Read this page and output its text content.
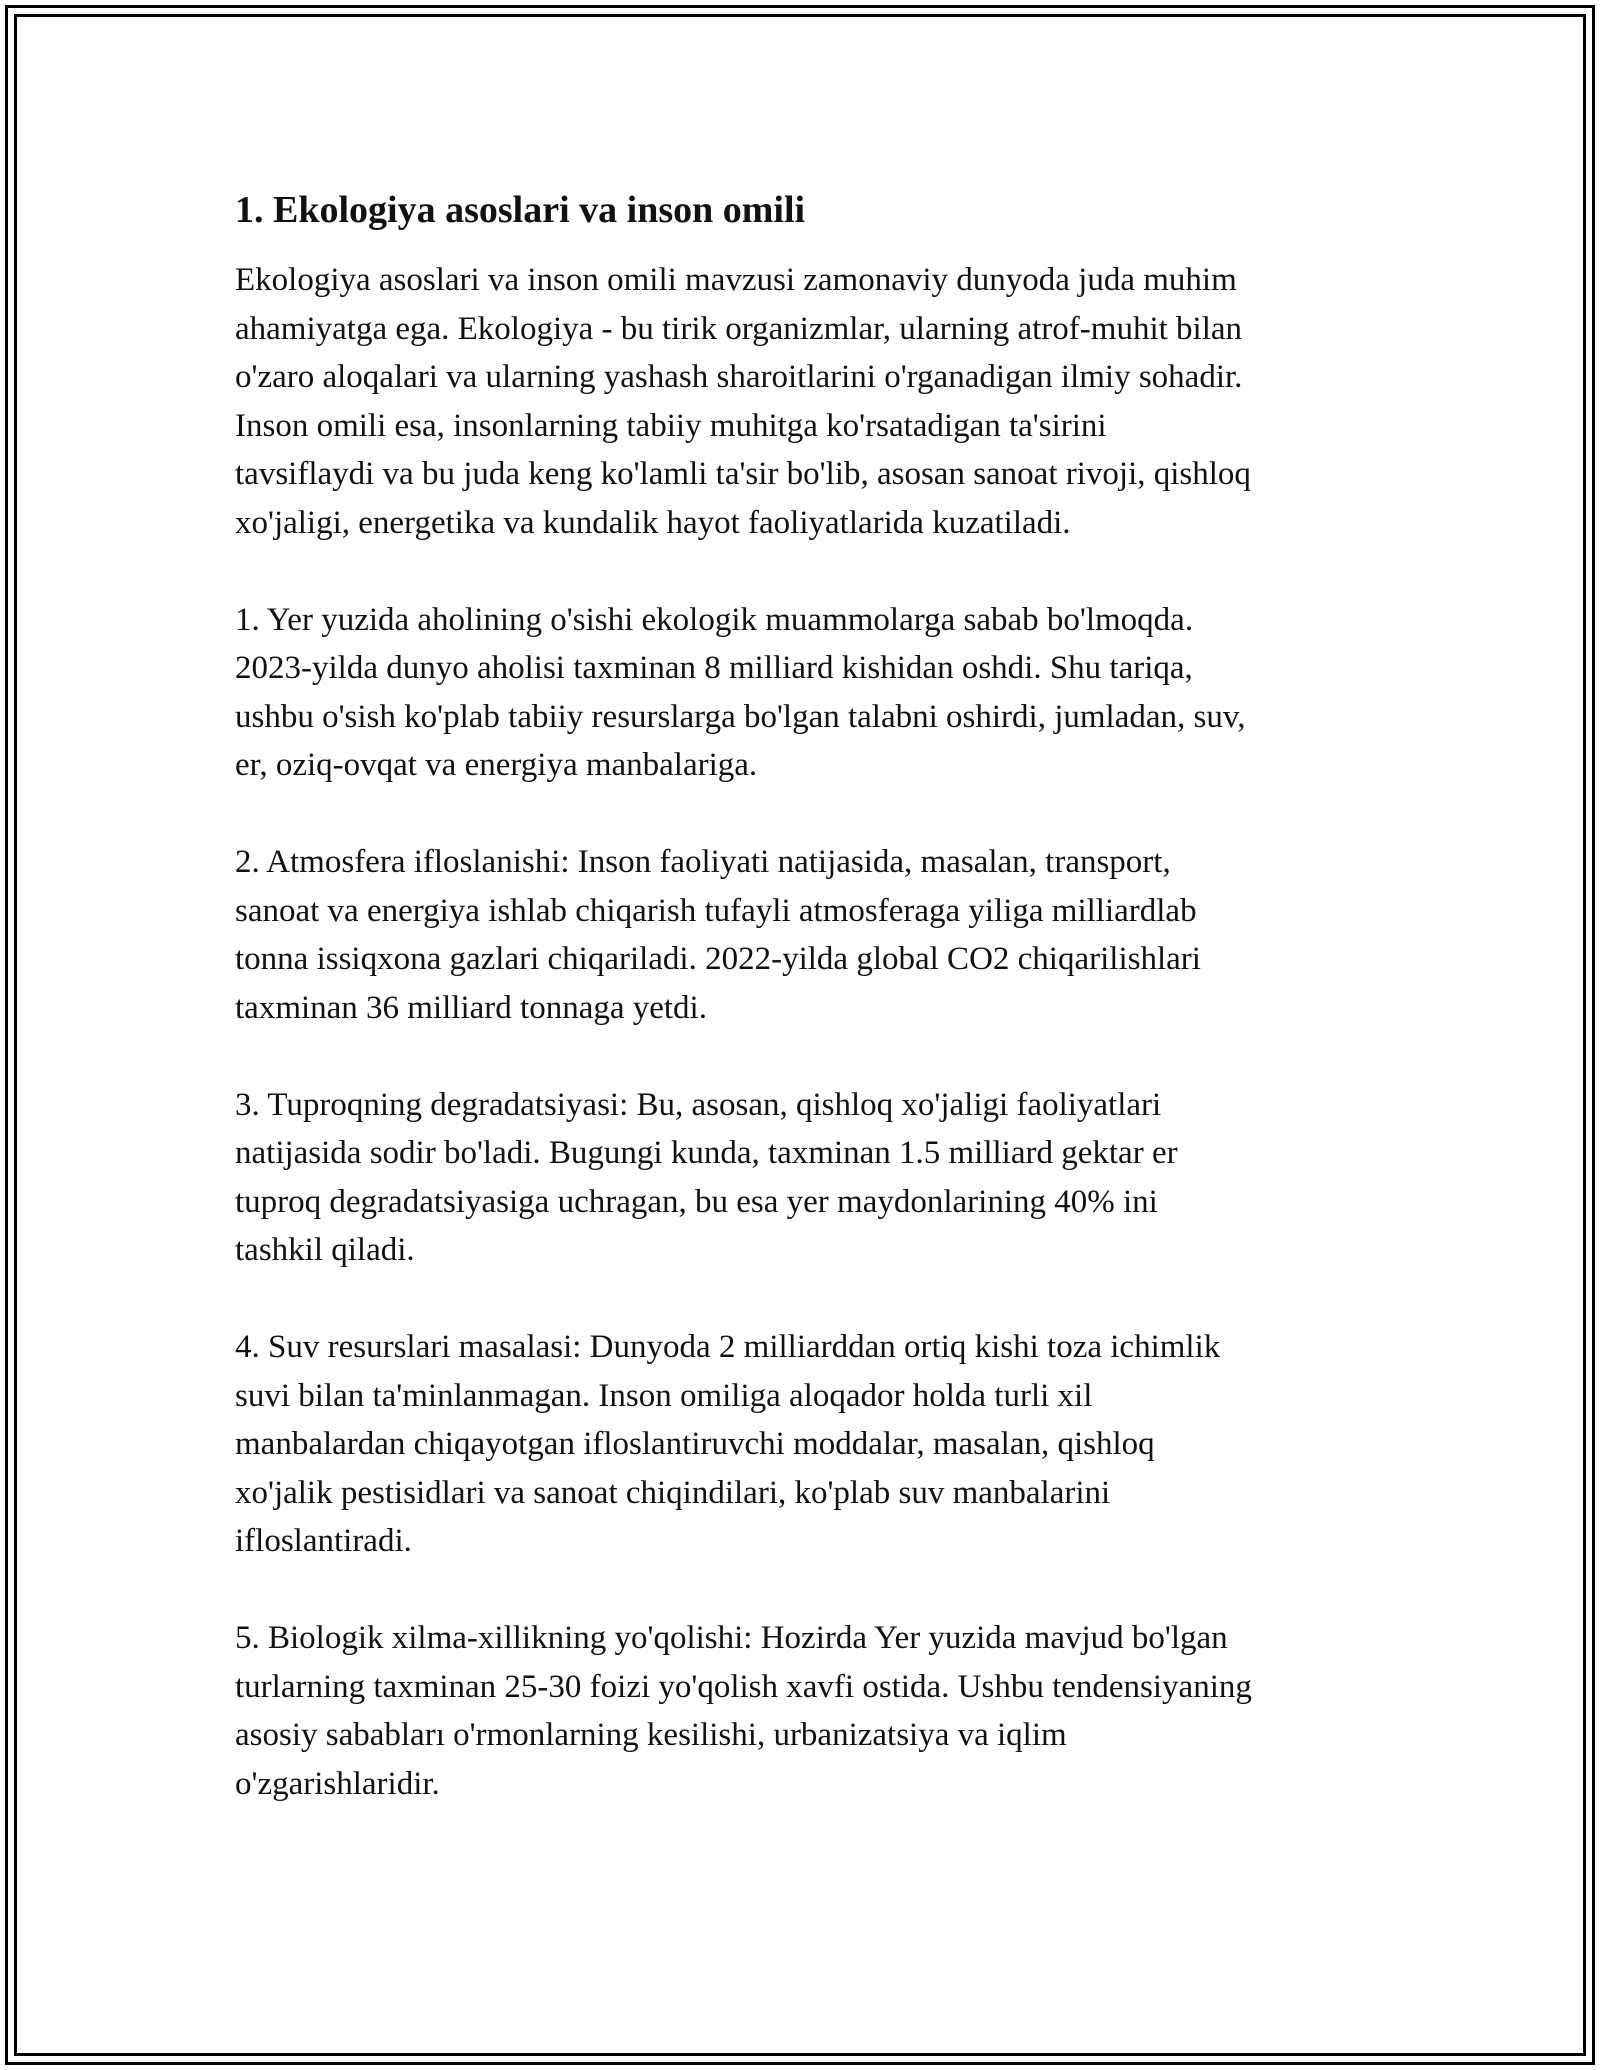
1. Ekologiya asoslari va inson omili
Ekologiya asoslari va inson omili mavzusi zamonaviy dunyoda juda muhim
ahamiyatga ega. Ekologiya - bu tirik organizmlar, ularning atrof-muhit bilan
o'zaro aloqalari va ularning yashash sharoitlarini o'rganadigan ilmiy sohadir.
Inson omili esa, insonlarning tabiiy muhitga ko'rsatadigan ta'sirini
tavsiflaydi va bu juda keng ko'lamli ta'sir bo'lib, asosan sanoat rivoji, qishloq
xo'jaligi, energetika va kundalik hayot faoliyatlarida kuzatiladi.
1. Yer yuzida aholining o'sishi ekologik muammolarga sabab bo'lmoqda.
2023-yilda dunyo aholisi taxminan 8 milliard kishidan oshdi. Shu tariqa,
ushbu o'sish ko'plab tabiiy resurslarga bo'lgan talabni oshirdi, jumladan, suv,
er, oziq-ovqat va energiya manbalariga.
2. Atmosfera ifloslanishi: Inson faoliyati natijasida, masalan, transport,
sanoat va energiya ishlab chiqarish tufayli atmosferaga yiliga milliardlab
tonna issiqxona gazlari chiqariladi. 2022-yilda global CO2 chiqarilishlari
taxminan 36 milliard tonnaga yetdi.
3. Tuproqning degradatsiyasi: Bu, asosan, qishloq xo'jaligi faoliyatlari
natijasida sodir bo'ladi. Bugungi kunda, taxminan 1.5 milliard gektar er
tuproq degradatsiyasiga uchragan, bu esa yer maydonlarining 40% ini
tashkil qiladi.
4. Suv resurslari masalasi: Dunyoda 2 milliarddan ortiq kishi toza ichimlik
suvi bilan ta'minlanmagan. Inson omiliga aloqador holda turli xil
manbalardan chiqayotgan ifloslantiruvchi moddalar, masalan, qishloq
xo'jalik pestisidlari va sanoat chiqindilari, ko'plab suv manbalarini
ifloslantiradi.
5. Biologik xilma-xillikning yo'qolishi: Hozirda Yer yuzida mavjud bo'lgan
turlarning taxminan 25-30 foizi yo'qolish xavfi ostida. Ushbu tendensiyaning
asosiy sababları o'rmonlarning kesilishi, urbanizatsiya va iqlim
o'zgarishlaridir.
